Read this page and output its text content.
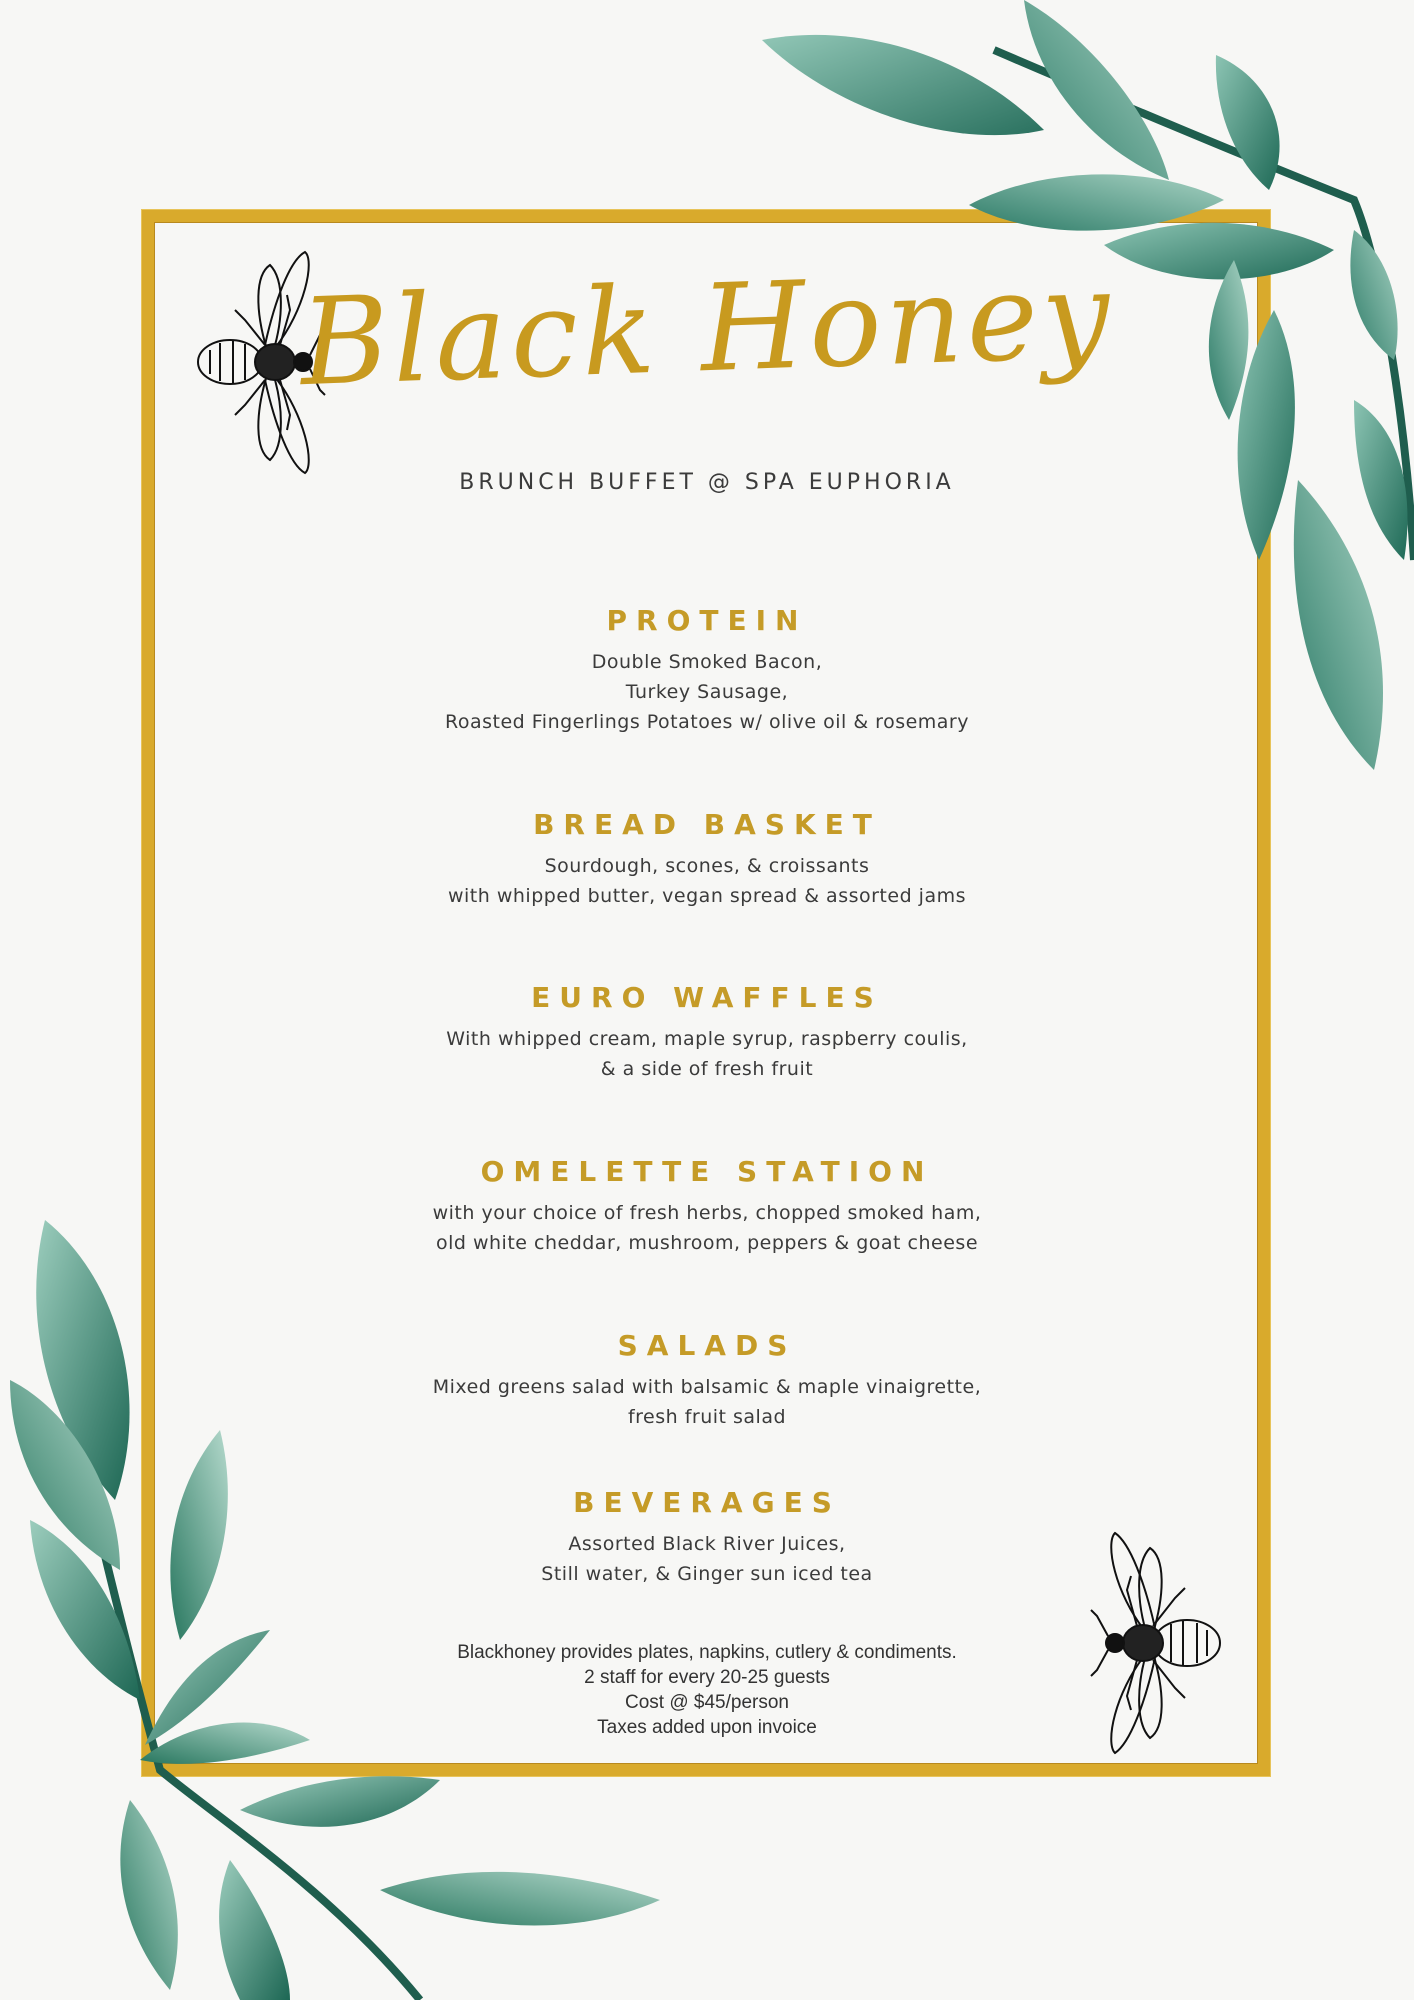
Black Honey
BRUNCH BUFFET @ SPA EUPHORIA
PROTEIN
Double Smoked Bacon,
Turkey Sausage,
Roasted Fingerlings Potatoes w/ olive oil & rosemary
BREAD BASKET
Sourdough, scones, & croissants
with whipped butter, vegan spread & assorted jams
EURO WAFFLES
With whipped cream, maple syrup, raspberry coulis,
& a side of fresh fruit
OMELETTE STATION
with your choice of fresh herbs, chopped smoked ham,
old white cheddar, mushroom, peppers & goat cheese
SALADS
Mixed greens salad with balsamic & maple vinaigrette,
fresh fruit salad
BEVERAGES
Assorted Black River Juices,
Still water, & Ginger sun iced tea
Blackhoney provides plates, napkins, cutlery & condiments.
2 staff for every 20-25 guests
Cost @ $45/person
Taxes added upon invoice
